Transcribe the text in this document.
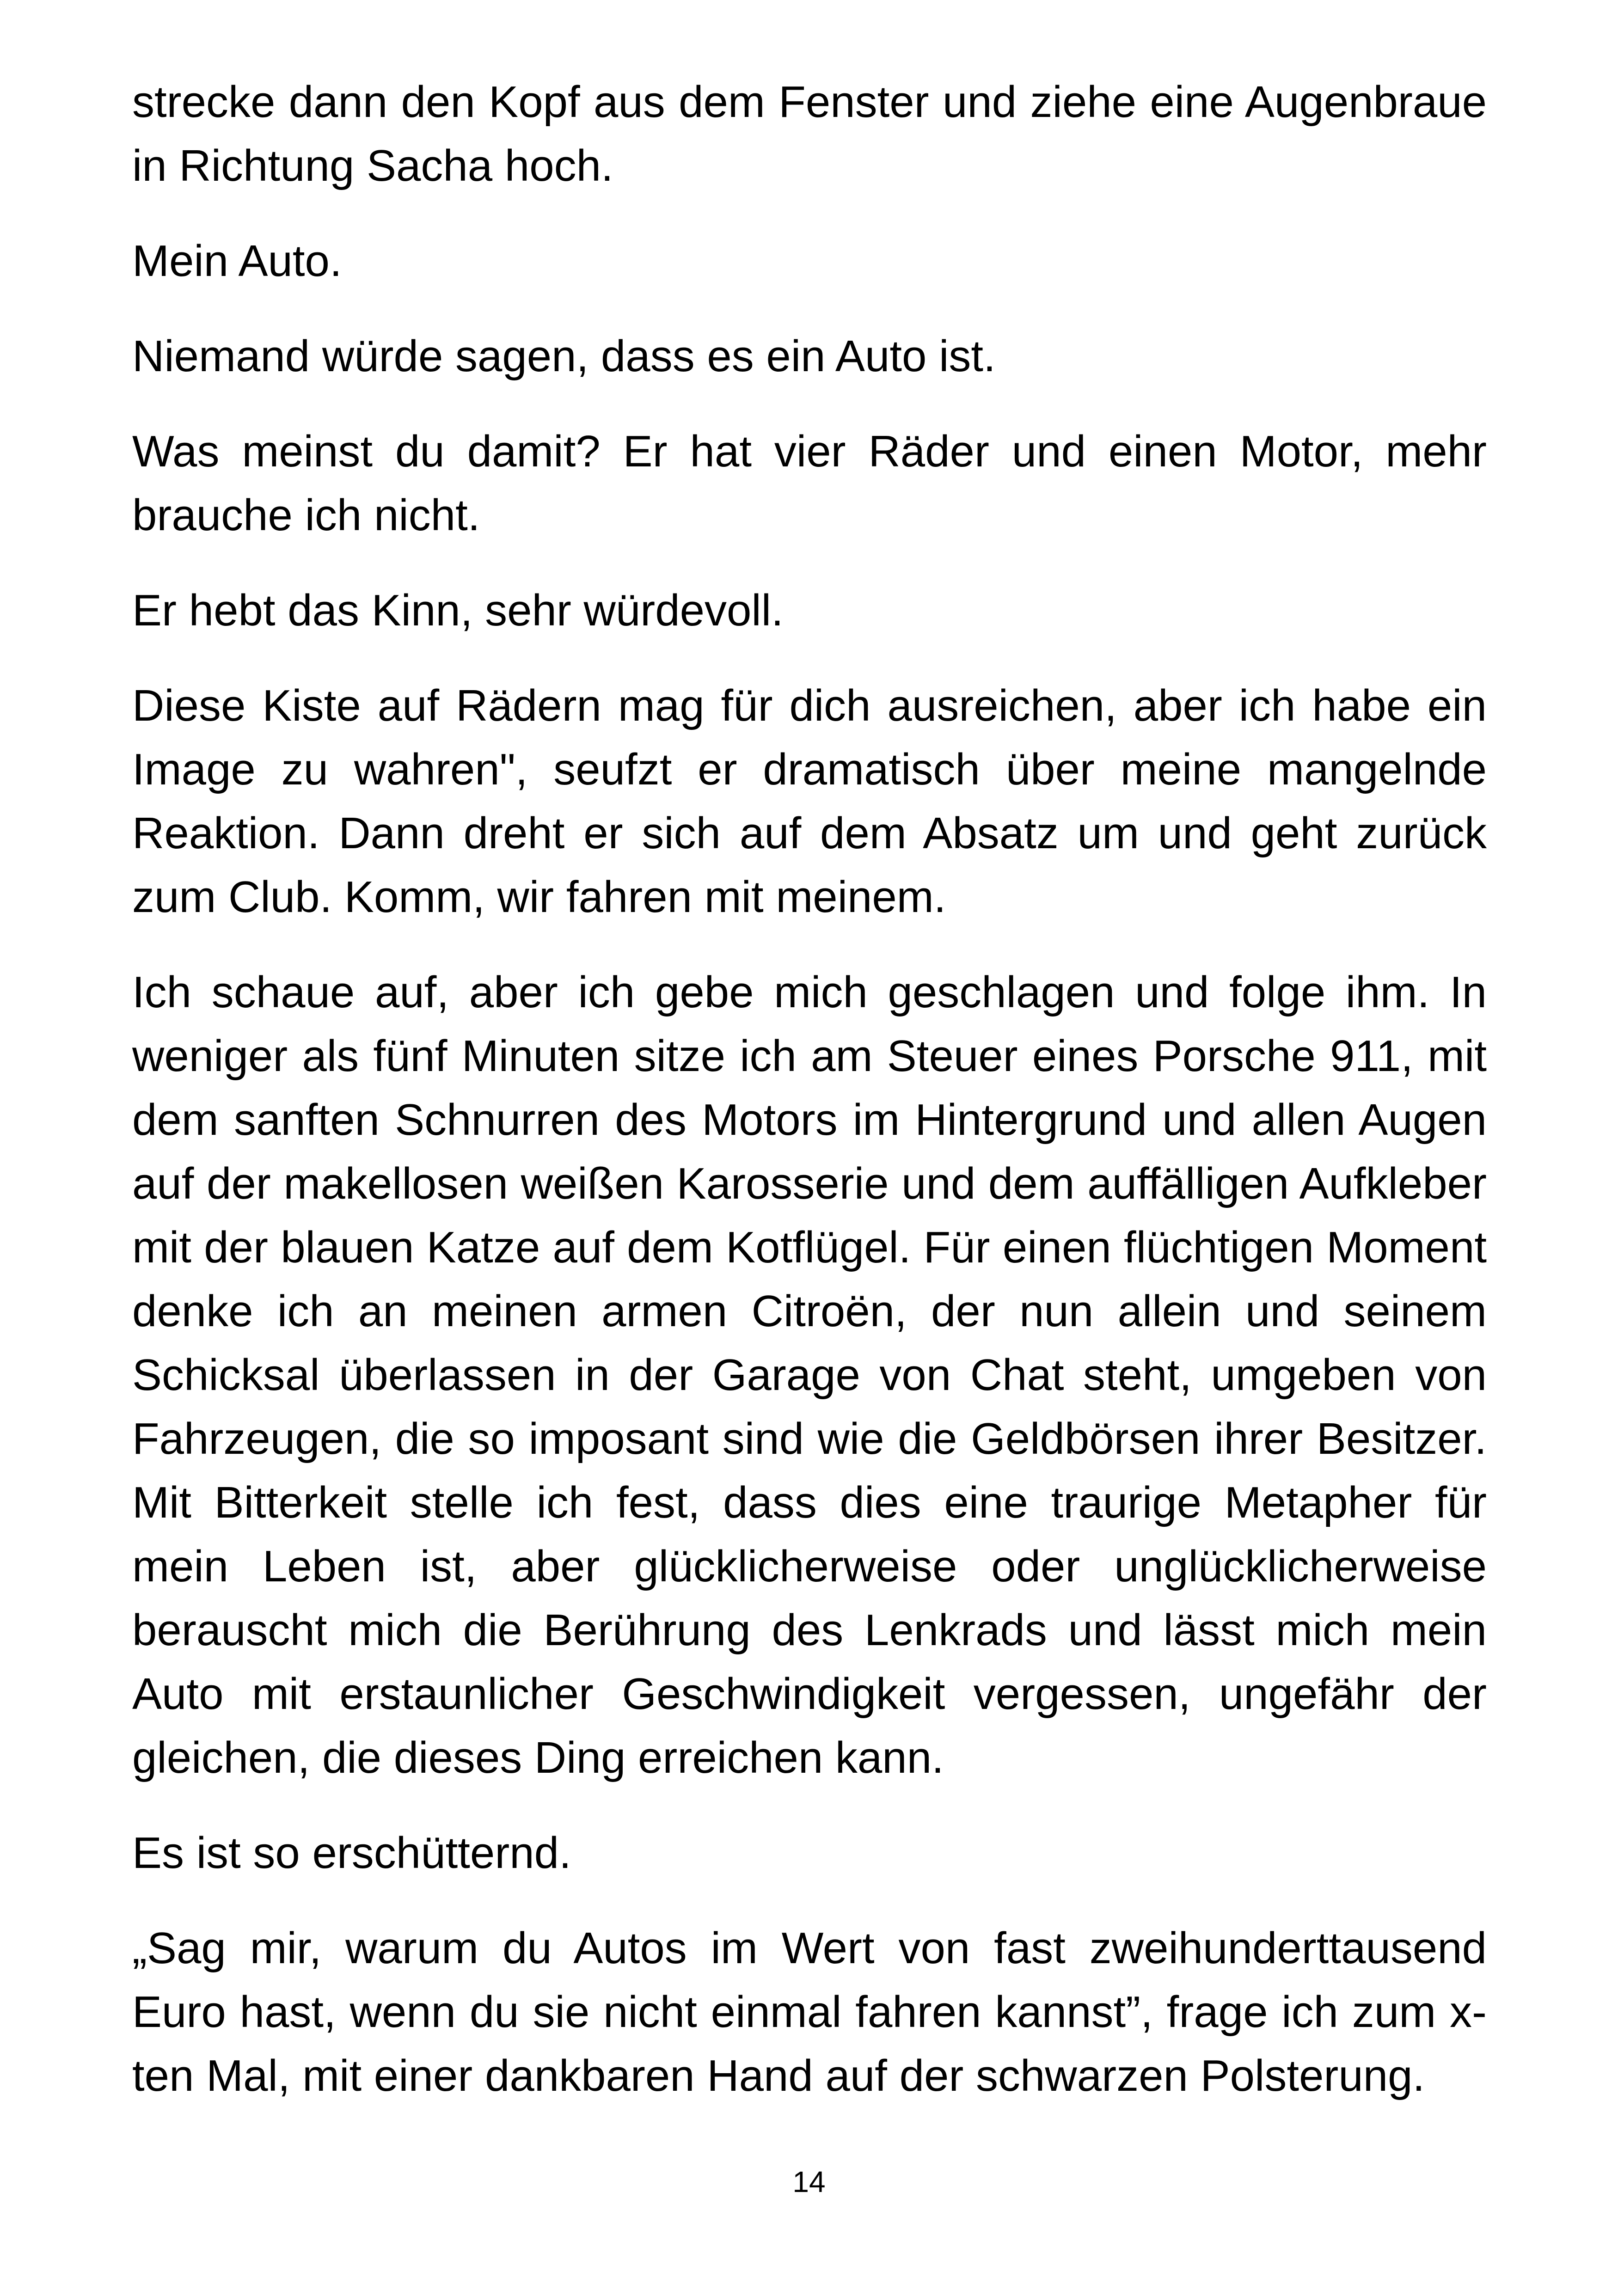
strecke dann den Kopf aus dem Fenster und ziehe eine Augenbraue in Richtung Sacha hoch.

Mein Auto.

Niemand würde sagen, dass es ein Auto ist.

Was meinst du damit? Er hat vier Räder und einen Motor, mehr brauche ich nicht.

Er hebt das Kinn, sehr würdevoll.

Diese Kiste auf Rädern mag für dich ausreichen, aber ich habe ein Image zu wahren", seufzt er dramatisch über meine mangelnde Reaktion. Dann dreht er sich auf dem Absatz um und geht zurück zum Club. Komm, wir fahren mit meinem.

Ich schaue auf, aber ich gebe mich geschlagen und folge ihm. In weniger als fünf Minuten sitze ich am Steuer eines Porsche 911, mit dem sanften Schnurren des Motors im Hintergrund und allen Augen auf der makellosen weißen Karosserie und dem auffälligen Aufkleber mit der blauen Katze auf dem Kotflügel. Für einen flüchtigen Moment denke ich an meinen armen Citroën, der nun allein und seinem Schicksal überlassen in der Garage von Chat steht, umgeben von Fahrzeugen, die so imposant sind wie die Geldbörsen ihrer Besitzer. Mit Bitterkeit stelle ich fest, dass dies eine traurige Metapher für mein Leben ist, aber glücklicherweise oder unglücklicherweise berauscht mich die Berührung des Lenkrads und lässt mich mein Auto mit erstaunlicher Geschwindigkeit vergessen, ungefähr der gleichen, die dieses Ding erreichen kann.

Es ist so erschütternd.

„Sag mir, warum du Autos im Wert von fast zweihunderttausend Euro hast, wenn du sie nicht einmal fahren kannst”, frage ich zum x-ten Mal, mit einer dankbaren Hand auf der schwarzen Polsterung.

14
